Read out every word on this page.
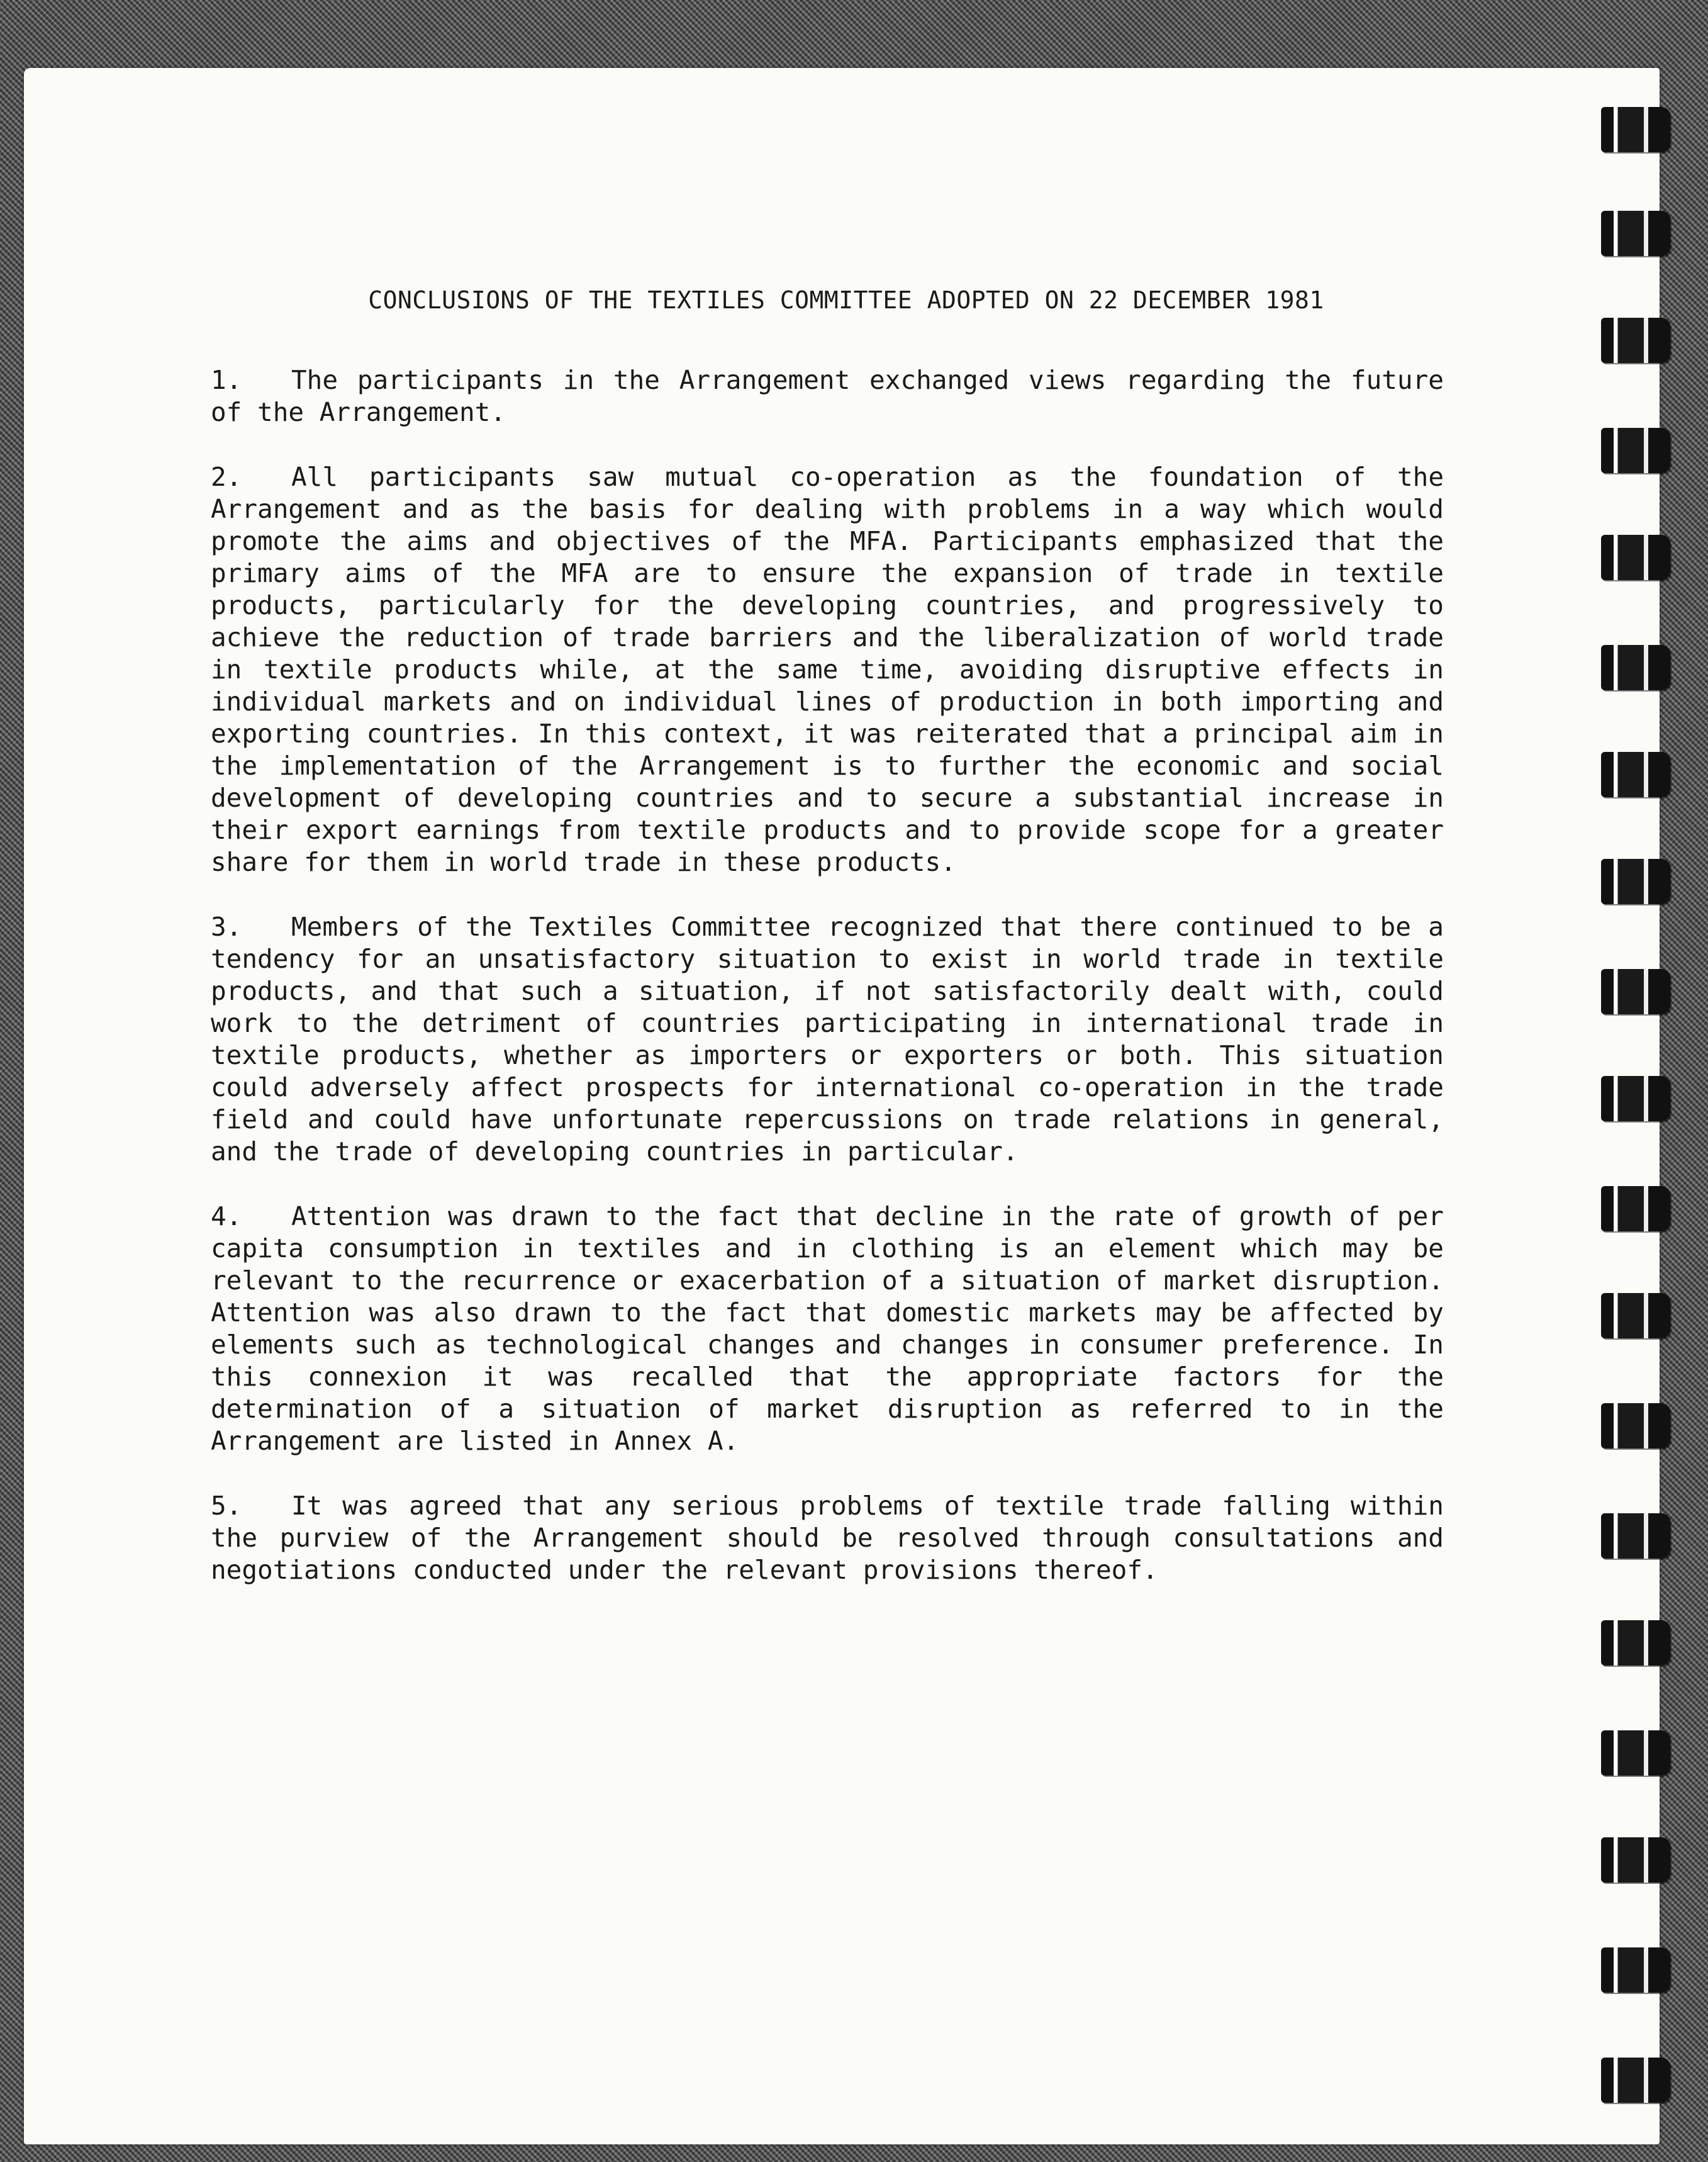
CONCLUSIONS OF THE TEXTILES COMMITTEE ADOPTED ON 22 DECEMBER 1981

1. The participants in the Arrangement exchanged views regarding the future of the Arrangement.

2. All participants saw mutual co-operation as the foundation of the Arrangement and as the basis for dealing with problems in a way which would promote the aims and objectives of the MFA. Participants emphasized that the primary aims of the MFA are to ensure the expansion of trade in textile products, particularly for the developing countries, and progressively to achieve the reduction of trade barriers and the liberalization of world trade in textile products while, at the same time, avoiding disruptive effects in individual markets and on individual lines of production in both importing and exporting countries. In this context, it was reiterated that a principal aim in the implementation of the Arrangement is to further the economic and social development of developing countries and to secure a substantial increase in their export earnings from textile products and to provide scope for a greater share for them in world trade in these products.

3. Members of the Textiles Committee recognized that there continued to be a tendency for an unsatisfactory situation to exist in world trade in textile products, and that such a situation, if not satisfactorily dealt with, could work to the detriment of countries participating in international trade in textile products, whether as importers or exporters or both. This situation could adversely affect prospects for international co-operation in the trade field and could have unfortunate repercussions on trade relations in general, and the trade of developing countries in particular.

4. Attention was drawn to the fact that decline in the rate of growth of per capita consumption in textiles and in clothing is an element which may be relevant to the recurrence or exacerbation of a situation of market disruption. Attention was also drawn to the fact that domestic markets may be affected by elements such as technological changes and changes in consumer preference. In this connexion it was recalled that the appropriate factors for the determination of a situation of market disruption as referred to in the Arrangement are listed in Annex A.

5. It was agreed that any serious problems of textile trade falling within the purview of the Arrangement should be resolved through consultations and negotiations conducted under the relevant provisions thereof.
